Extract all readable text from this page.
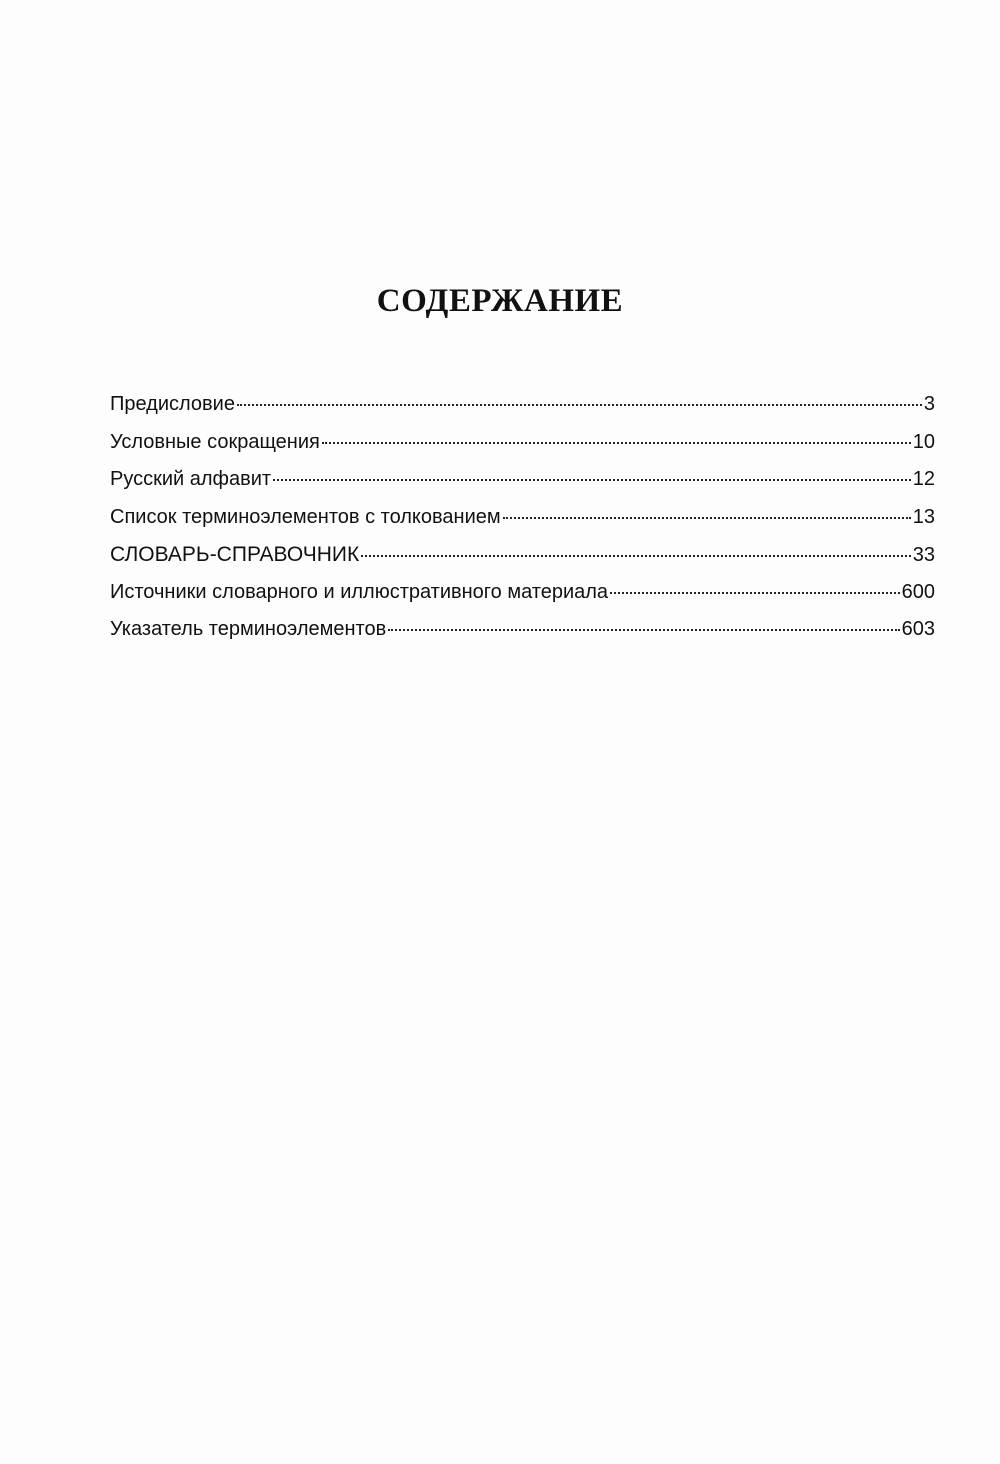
СОДЕРЖАНИЕ
Предисловие	3
Условные сокращения	10
Русский алфавит	12
Список терминоэлементов с толкованием	13
СЛОВАРЬ-СПРАВОЧНИК	33
Источники словарного и иллюстративного материала	600
Указатель терминоэлементов	603
